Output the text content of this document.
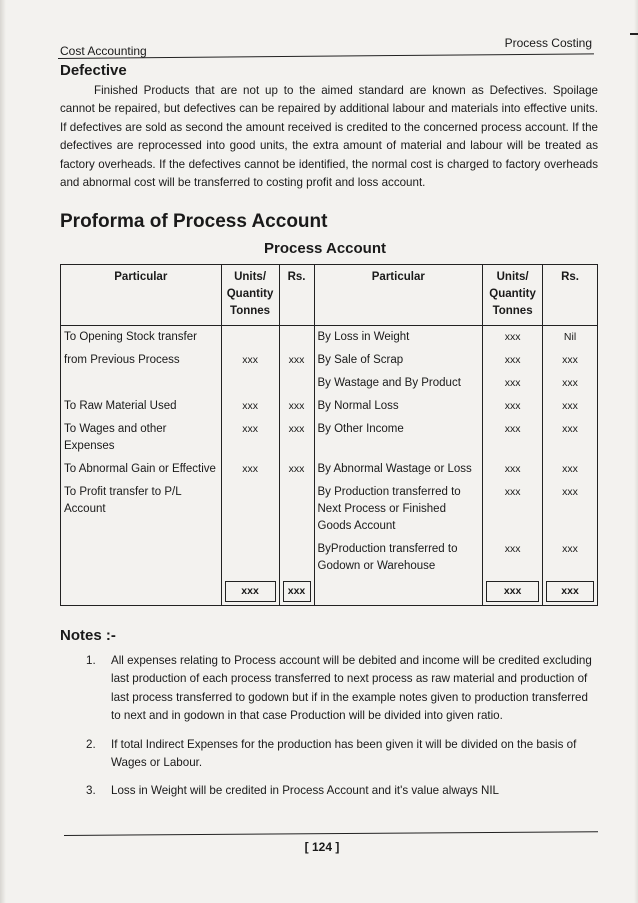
Cost Accounting
Process Costing
Defective
Finished Products that are not up to the aimed standard are known as Defectives. Spoilage cannot be repaired, but defectives can be repaired by additional labour and materials into effective units. If defectives are sold as second the amount received is credited to the concerned process account. If the defectives are reprocessed into good units, the extra amount of material and labour will be treated as factory overheads. If the defectives cannot be identified, the normal cost is charged to factory overheads and abnormal cost will be transferred to costing profit and loss account.
Proforma of Process Account
Process Account
Particular	Units/ Quantity Tonnes	Rs.	Particular	Units/ Quantity Tonnes	Rs.
To Opening Stock transfer			By Loss in Weight	xxx	Nil
from Previous Process	xxx	xxx	By Sale of Scrap	xxx	xxx
			By Wastage and By Product	xxx	xxx
To Raw Material Used	xxx	xxx	By Normal Loss	xxx	xxx
To Wages and other Expenses	xxx	xxx	By Other Income	xxx	xxx
To Abnormal Gain or Effective	xxx	xxx	By Abnormal Wastage or Loss	xxx	xxx
To Profit transfer to P/L Account			By Production transferred to Next Process or Finished Goods Account	xxx	xxx
			ByProduction transferred to Godown or Warehouse	xxx	xxx

	xxx	xxx		xxx	xxx
Notes :-
1. All expenses relating to Process account will be debited and income will be credited excluding last production of each process transferred to next process as raw material and production of last process transferred to godown but if in the example notes given to production transferred to next and in godown in that case Production will be divided into given ratio.
2. If total Indirect Expenses for the production has been given it will be divided on the basis of Wages or Labour.
3. Loss in Weight will be credited in Process Account and it's value always NIL
[ 124 ]
